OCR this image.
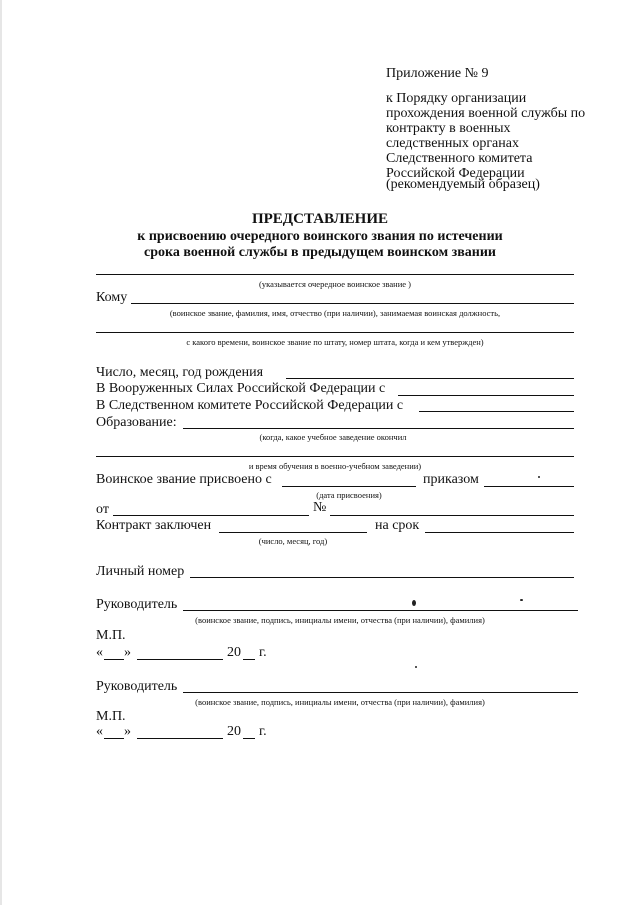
Приложение № 9
к Порядку организации прохождения военной службы по контракту в военных следственных органах Следственного комитета Российской Федерации
(рекомендуемый образец)
ПРЕДСТАВЛЕНИЕ
к присвоению очередного воинского звания по истечении
срока военной службы в предыдущем воинском звании
(указывается очередное воинское звание )
Кому
(воинское звание, фамилия, имя, отчество (при наличии), занимаемая воинская должность,
с какого времени, воинское звание по штату, номер штата, когда и кем утвержден)
Число, месяц, год рождения
В Вооруженных Силах Российской Федерации с
В Следственном комитете Российской Федерации с
Образование:
(когда, какое учебное заведение окончил
и время обучения в военно-учебном заведении)
Воинское звание присвоено с	приказом
(дата присвоения)
от	№
Контракт заключен	на срок
(число, месяц, год)
Личный номер
Руководитель
(воинское звание, подпись, инициалы имени, отчества (при наличии), фамилия)
М.П.
« »	20 г.
Руководитель
(воинское звание, подпись, инициалы имени, отчества (при наличии), фамилия)
М.П.
« »	20 г.
